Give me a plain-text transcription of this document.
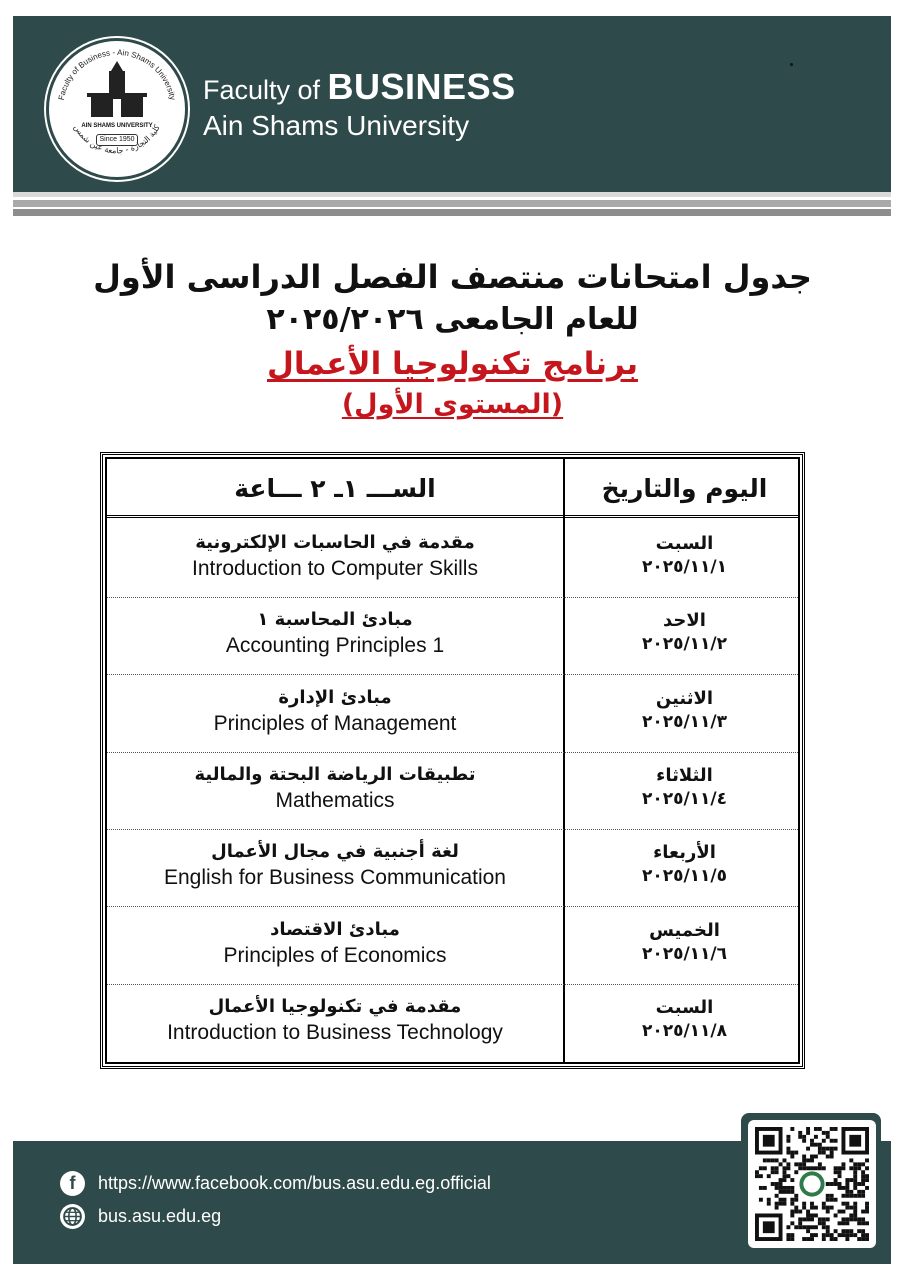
Faculty of Business - Ain Shams University
كلية التجارة - جامعة عين شمس
AIN SHAMS UNIVERSITY
Since 1950
Faculty of BUSINESS
Ain Shams University
جدول امتحانات منتصف الفصل الدراسى الأول
للعام الجامعى ٢٠٢٥/٢٠٢٦
برنامج تكنولوجيا الأعمال
(المستوى الأول)
اليوم والتاريخ
الســـ ١ـ ٢ ـــاعة
السبت
٢٠٢٥/١١/١
مقدمة في الحاسبات الإلكترونية
Introduction to Computer Skills
الاحد
٢٠٢٥/١١/٢
مبادئ المحاسبة ١
Accounting Principles 1
الاثنين
٢٠٢٥/١١/٣
مبادئ الإدارة
Principles of Management
الثلاثاء
٢٠٢٥/١١/٤
تطبيقات الرياضة البحتة والمالية
Mathematics
الأربعاء
٢٠٢٥/١١/٥
لغة أجنبية في مجال الأعمال
English for Business Communication
الخميس
٢٠٢٥/١١/٦
مبادئ الاقتصاد
Principles of Economics
السبت
٢٠٢٥/١١/٨
مقدمة في تكنولوجيا الأعمال
Introduction to Business Technology
f https://www.facebook.com/bus.asu.edu.eg.official
bus.asu.edu.eg
